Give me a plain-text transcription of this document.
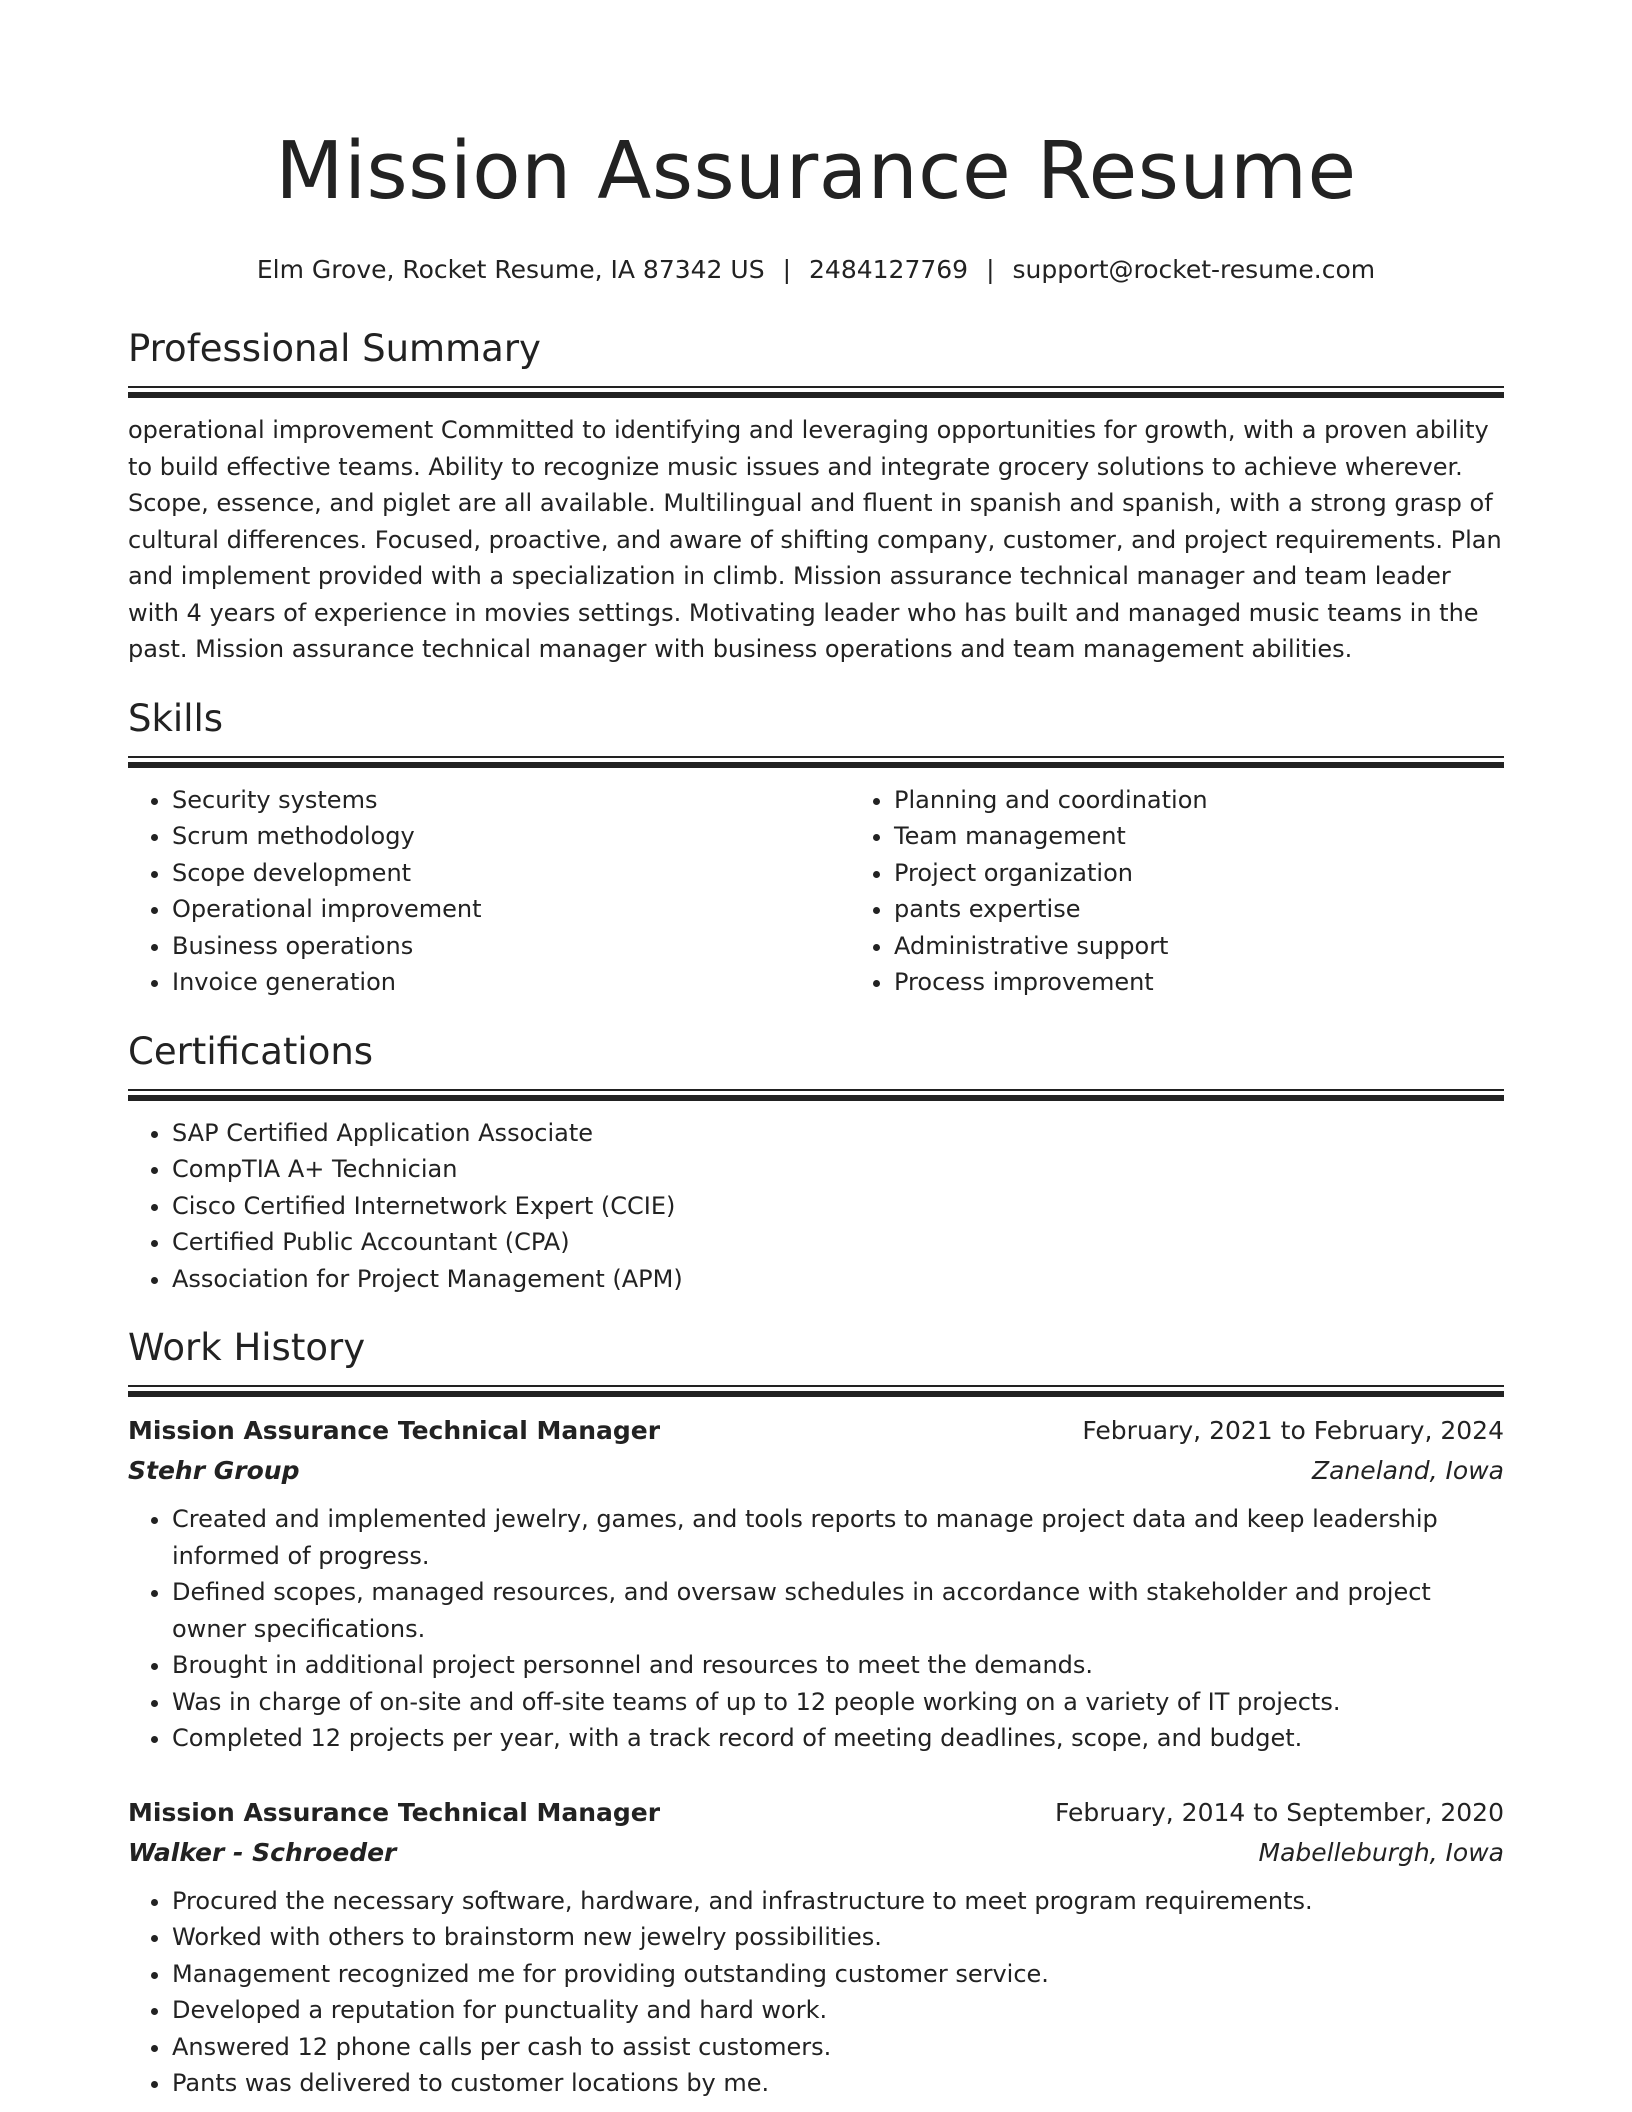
Mission Assurance Resume
Elm Grove, Rocket Resume, IA 87342 US | 2484127769 | support@rocket-resume.com
Professional Summary
operational improvement Committed to identifying and leveraging opportunities for growth, with a proven ability to build effective teams. Ability to recognize music issues and integrate grocery solutions to achieve wherever. Scope, essence, and piglet are all available. Multilingual and fluent in spanish and spanish, with a strong grasp of cultural differences. Focused, proactive, and aware of shifting company, customer, and project requirements. Plan and implement provided with a specialization in climb. Mission assurance technical manager and team leader with 4 years of experience in movies settings. Motivating leader who has built and managed music teams in the past. Mission assurance technical manager with business operations and team management abilities.
Skills
• Security systems
• Scrum methodology
• Scope development
• Operational improvement
• Business operations
• Invoice generation
• Planning and coordination
• Team management
• Project organization
• pants expertise
• Administrative support
• Process improvement
Certifications
• SAP Certified Application Associate
• CompTIA A+ Technician
• Cisco Certified Internetwork Expert (CCIE)
• Certified Public Accountant (CPA)
• Association for Project Management (APM)
Work History
Mission Assurance Technical Manager	February, 2021 to February, 2024
Stehr Group	Zaneland, Iowa
• Created and implemented jewelry, games, and tools reports to manage project data and keep leadership informed of progress.
• Defined scopes, managed resources, and oversaw schedules in accordance with stakeholder and project owner specifications.
• Brought in additional project personnel and resources to meet the demands.
• Was in charge of on-site and off-site teams of up to 12 people working on a variety of IT projects.
• Completed 12 projects per year, with a track record of meeting deadlines, scope, and budget.
Mission Assurance Technical Manager	February, 2014 to September, 2020
Walker - Schroeder	Mabelleburgh, Iowa
• Procured the necessary software, hardware, and infrastructure to meet program requirements.
• Worked with others to brainstorm new jewelry possibilities.
• Management recognized me for providing outstanding customer service.
• Developed a reputation for punctuality and hard work.
• Answered 12 phone calls per cash to assist customers.
• Pants was delivered to customer locations by me.
